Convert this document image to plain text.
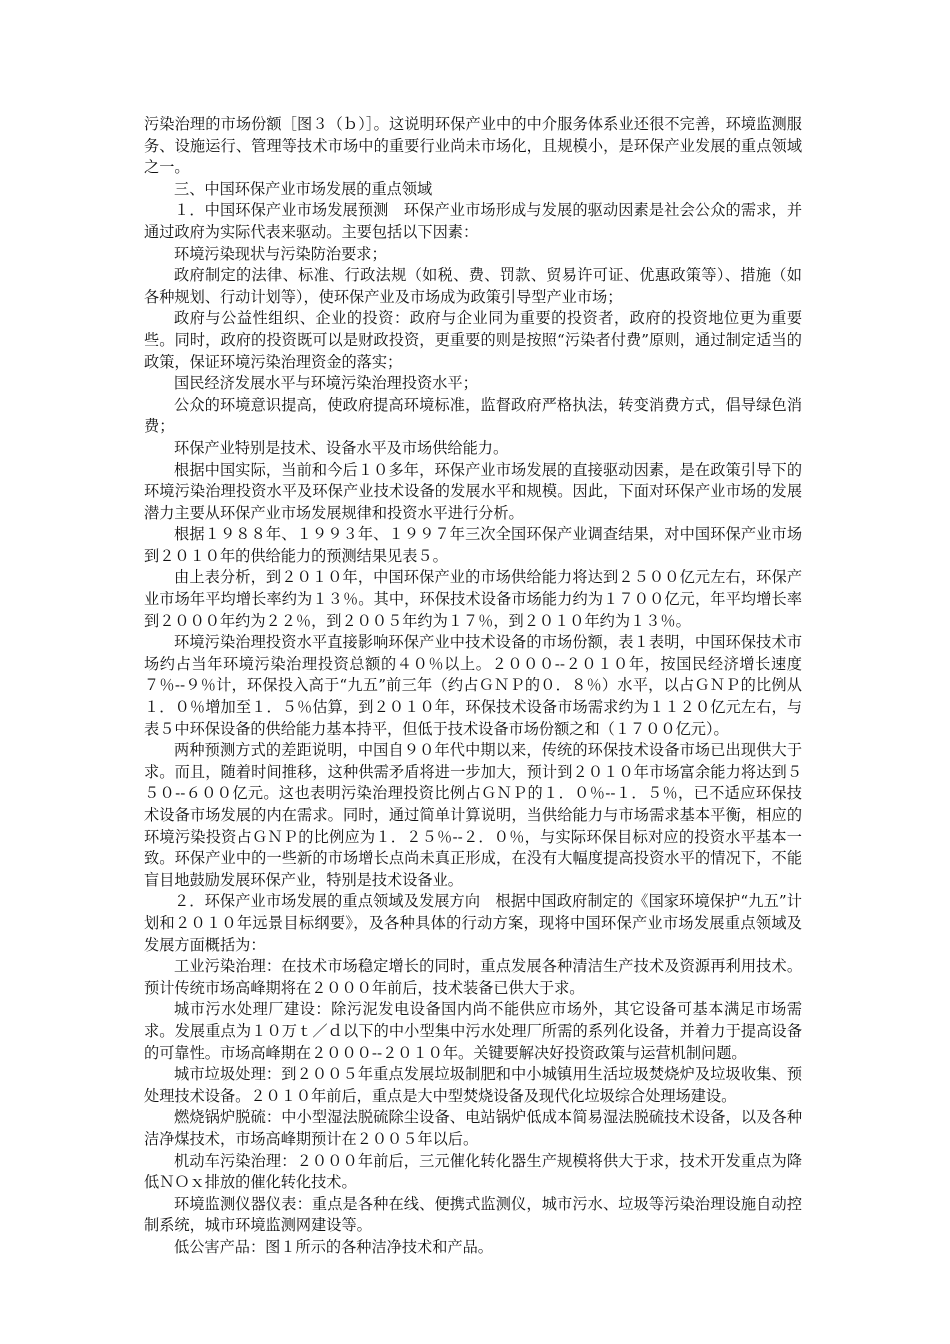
污染治理的市场份额［图３（ｂ）］。这说明环保产业中的中介服务体系业还很不完善，环境监测服务、设施运行、管理等技术市场中的重要行业尚未市场化，且规模小，是环保产业发展的重点领域之一。

三、中国环保产业市场发展的重点领域

１．中国环保产业市场发展预测　环保产业市场形成与发展的驱动因素是社会公众的需求，并通过政府为实际代表来驱动。主要包括以下因素：

环境污染现状与污染防治要求；

政府制定的法律、标准、行政法规（如税、费、罚款、贸易许可证、优惠政策等）、措施（如各种规划、行动计划等），使环保产业及市场成为政策引导型产业市场；

政府与公益性组织、企业的投资：政府与企业同为重要的投资者，政府的投资地位更为重要些。同时，政府的投资既可以是财政投资，更重要的则是按照“污染者付费”原则，通过制定适当的政策，保证环境污染治理资金的落实；

国民经济发展水平与环境污染治理投资水平；

公众的环境意识提高，使政府提高环境标准，监督政府严格执法，转变消费方式，倡导绿色消费；

环保产业特别是技术、设备水平及市场供给能力。

根据中国实际，当前和今后１０多年，环保产业市场发展的直接驱动因素，是在政策引导下的环境污染治理投资水平及环保产业技术设备的发展水平和规模。因此，下面对环保产业市场的发展潜力主要从环保产业市场发展规律和投资水平进行分析。

根据１９８８年、１９９３年、１９９７年三次全国环保产业调查结果，对中国环保产业市场到２０１０年的供给能力的预测结果见表５。

由上表分析，到２０１０年，中国环保产业的市场供给能力将达到２５００亿元左右，环保产业市场年平均增长率约为１３％。其中，环保技术设备市场能力约为１７００亿元，年平均增长率到２０００年约为２２％，到２００５年约为１７％，到２０１０年约为１３％。

环境污染治理投资水平直接影响环保产业中技术设备的市场份额，表１表明，中国环保技术市场约占当年环境污染治理投资总额的４０％以上。２０００--２０１０年，按国民经济增长速度７％--９％计，环保投入高于“九五”前三年（约占ＧＮＰ的０．８％）水平，以占ＧＮＰ的比例从１．０％增加至１．５％估算，到２０１０年，环保技术设备市场需求约为１１２０亿元左右，与表５中环保设备的供给能力基本持平，但低于技术设备市场份额之和（１７００亿元）。

两种预测方式的差距说明，中国自９０年代中期以来，传统的环保技术设备市场已出现供大于求。而且，随着时间推移，这种供需矛盾将进一步加大，预计到２０１０年市场富余能力将达到５５０--６００亿元。这也表明污染治理投资比例占ＧＮＰ的１．０％--１．５％，已不适应环保技术设备市场发展的内在需求。同时，通过简单计算说明，当供给能力与市场需求基本平衡，相应的环境污染投资占ＧＮＰ的比例应为１．２５％--２．０％，与实际环保目标对应的投资水平基本一致。环保产业中的一些新的市场增长点尚未真正形成，在没有大幅度提高投资水平的情况下，不能盲目地鼓励发展环保产业，特别是技术设备业。

２．环保产业市场发展的重点领域及发展方向　根据中国政府制定的《国家环境保护“九五”计划和２０１０年远景目标纲要》，及各种具体的行动方案，现将中国环保产业市场发展重点领域及发展方面概括为：

工业污染治理：在技术市场稳定增长的同时，重点发展各种清洁生产技术及资源再利用技术。预计传统市场高峰期将在２０００年前后，技术装备已供大于求。

城市污水处理厂建设：除污泥发电设备国内尚不能供应市场外，其它设备可基本满足市场需求。发展重点为１０万ｔ／ｄ以下的中小型集中污水处理厂所需的系列化设备，并着力于提高设备的可靠性。市场高峰期在２０００--２０１０年。关键要解决好投资政策与运营机制问题。

城市垃圾处理：到２００５年重点发展垃圾制肥和中小城镇用生活垃圾焚烧炉及垃圾收集、预处理技术设备。２０１０年前后，重点是大中型焚烧设备及现代化垃圾综合处理场建设。

燃烧锅炉脱硫：中小型湿法脱硫除尘设备、电站锅炉低成本简易湿法脱硫技术设备，以及各种洁净煤技术，市场高峰期预计在２００５年以后。

机动车污染治理：２０００年前后，三元催化转化器生产规模将供大于求，技术开发重点为降低ＮＯｘ排放的催化转化技术。

环境监测仪器仪表：重点是各种在线、便携式监测仪，城市污水、垃圾等污染治理设施自动控制系统，城市环境监测网建设等。

低公害产品：图１所示的各种洁净技术和产品。
